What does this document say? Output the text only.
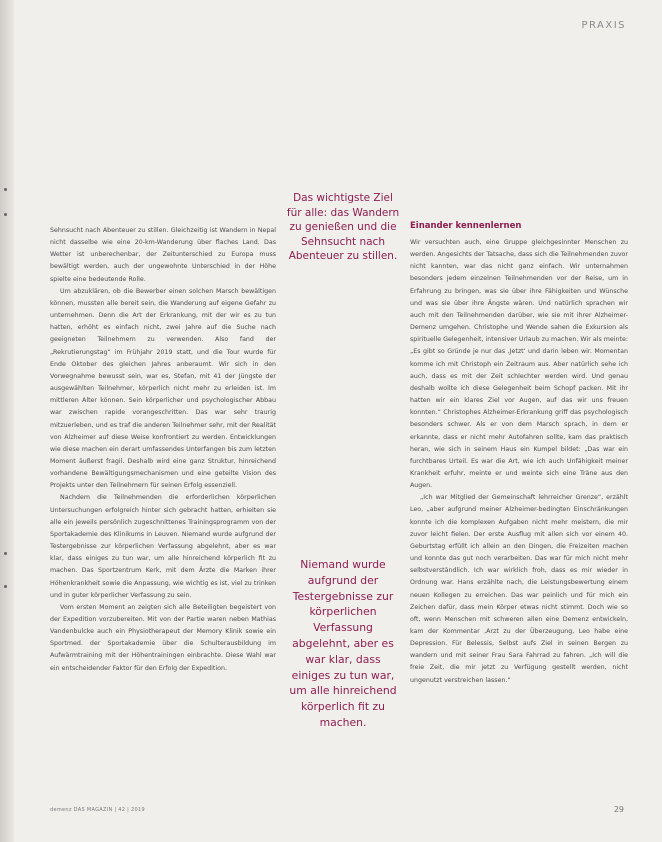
PRAXIS

Sehnsucht nach Abenteuer zu stillen. Gleichzeitig ist Wandern in Nepal nicht dasselbe wie eine 20-km-Wanderung über flaches Land. Das Wetter ist unberechenbar, der Zeitunterschied zu Europa muss bewältigt werden, auch der ungewohnte Unterschied in der Höhe spielte eine bedeutende Rolle.

Um abzuklären, ob die Bewerber einen solchen Marsch bewältigen können, mussten alle bereit sein, die Wanderung auf eigene Gefahr zu unternehmen. Denn die Art der Erkrankung, mit der wir es zu tun hatten, erhöht es einfach nicht, zwei Jahre auf die Suche nach geeigneten Teilnehmern zu verwenden. Also fand der „Rekrutierungstag“ im Frühjahr 2019 statt, und die Tour wurde für Ende Oktober des gleichen Jahres anberaumt. Wir sich in den Vorwegnahme bewusst sein, war es, Stefan, mit 41 der Jüngste der ausgewählten Teilnehmer, körperlich nicht mehr zu erleiden ist. Im mittleren Alter können. Sein körperlicher und psychologischer Abbau war zwischen rapide vorangeschritten. Das war sehr traurig mitzuerleben, und es traf die anderen Teilnehmer sehr, mit der Realität von Alzheimer auf diese Weise konfrontiert zu werden. Entwicklungen wie diese machen ein derart umfassendes Unterfangen bis zum letzten Moment äußerst fragil. Deshalb wird eine ganz Struktur, hinreichend vorhandene Bewältigungsmechanismen und eine geteilte Vision des Projekts unter den Teilnehmern für seinen Erfolg essenziell.

Nachdem die Teilnehmenden die erforderlichen körperlichen Untersuchungen erfolgreich hinter sich gebracht hatten, erhielten sie alle ein jeweils persönlich zugeschnittenes Trainingsprogramm von der Sportakademie des Klinikums in Leuven. Niemand wurde aufgrund der Testergebnisse zur körperlichen Verfassung abgelehnt, aber es war klar, dass einiges zu tun war, um alle hinreichend körperlich fit zu machen. Das Sportzentrum Kerk, mit dem Ärzte die Marken ihrer Höhenkrankheit sowie die Anpassung, wie wichtig es ist, viel zu trinken und in guter körperlicher Verfassung zu sein.

Vom ersten Moment an zeigten sich alle Beteiligten begeistert von der Expedition vorzubereiten. Mit von der Partie waren neben Mathias Vandenbulcke auch ein Physiotherapeut der Memory Klinik sowie ein Sportmed. der Sportakademie über die Schulterausbildung im Aufwärmtraining mit der Höhentrainingen einbrachte. Diese Wahl war ein entscheidender Faktor für den Erfolg der Expedition.

Das wichtigste Ziel für alle: das Wandern zu genießen und die Sehnsucht nach Abenteuer zu stillen.
Niemand wurde aufgrund der Testergebnisse zur körperlichen Verfassung abgelehnt, aber es war klar, dass einiges zu tun war, um alle hinreichend körperlich fit zu machen.
Einander kennenlernen

Wir versuchten auch, eine Gruppe gleichgesinnter Menschen zu werden. Angesichts der Tatsache, dass sich die Teilnehmenden zuvor nicht kannten, war das nicht ganz einfach. Wir unternahmen besonders jedem einzelnen Teilnehmenden vor der Reise, um in Erfahrung zu bringen, was sie über ihre Fähigkeiten und Wünsche und was sie über ihre Ängste wären. Und natürlich sprachen wir auch mit den Teilnehmenden darüber, wie sie mit ihrer Alzheimer-Demenz umgehen. Christophe und Wende sahen die Exkursion als spirituelle Gelegenheit, intensiver Urlaub zu machen. Wir als meinte: „Es gibt so Gründe je nur das ‚Jetzt‘ und darin leben wir. Momentan komme ich mit Christoph ein Zeitraum aus. Aber natürlich sehe ich auch, dass es mit der Zeit schlechter werden wird. Und genau deshalb wollte ich diese Gelegenheit beim Schopf packen. Mit ihr hatten wir ein klares Ziel vor Augen, auf das wir uns freuen konnten.“ Christophes Alzheimer-Erkrankung griff das psychologisch besonders schwer. Als er von dem Marsch sprach, in dem er erkannte, dass er nicht mehr Autofahren sollte, kam das praktisch heran, wie sich in seinem Haus ein Kumpel bildet: „Das war ein furchtbares Urteil. Es war die Art, wie ich auch Unfähigkeit meiner Krankheit erfuhr, meinte er und weinte sich eine Träne aus den Augen.

„Ich war Mitglied der Gemeinschaft lehrreicher Grenze“, erzählt Leo, „aber aufgrund meiner Alzheimer-bedingten Einschränkungen konnte ich die komplexen Aufgaben nicht mehr meistern, die mir zuvor leicht fielen. Der erste Ausflug mit allen sich vor einem 40. Geburtstag erfüllt ich allein an den Dingen, die Freizeiten machen und konnte das gut noch verarbeiten. Das war für mich nicht mehr selbstverständlich. Ich war wirklich froh, dass es mir wieder in Ordnung war. Hans erzählte nach, die Leistungsbewertung einem neuen Kollegen zu erreichen. Das war peinlich und für mich ein Zeichen dafür, dass mein Körper etwas nicht stimmt. Doch wie so oft, wenn Menschen mit schweren allen eine Demenz entwickeln, kam der Kommentar ‚Arzt zu der Überzeugung, Leo habe eine Depression. Für Belessis, Selbst aufs Ziel in seinen Bergen zu wandern und mit seiner Frau Sara Fahrrad zu fahren. „Ich will die freie Zeit, die mir jetzt zu Verfügung gestellt werden, nicht ungenutzt verstreichen lassen.“

demenz DAS MAGAZIN | 42 | 2019	29
